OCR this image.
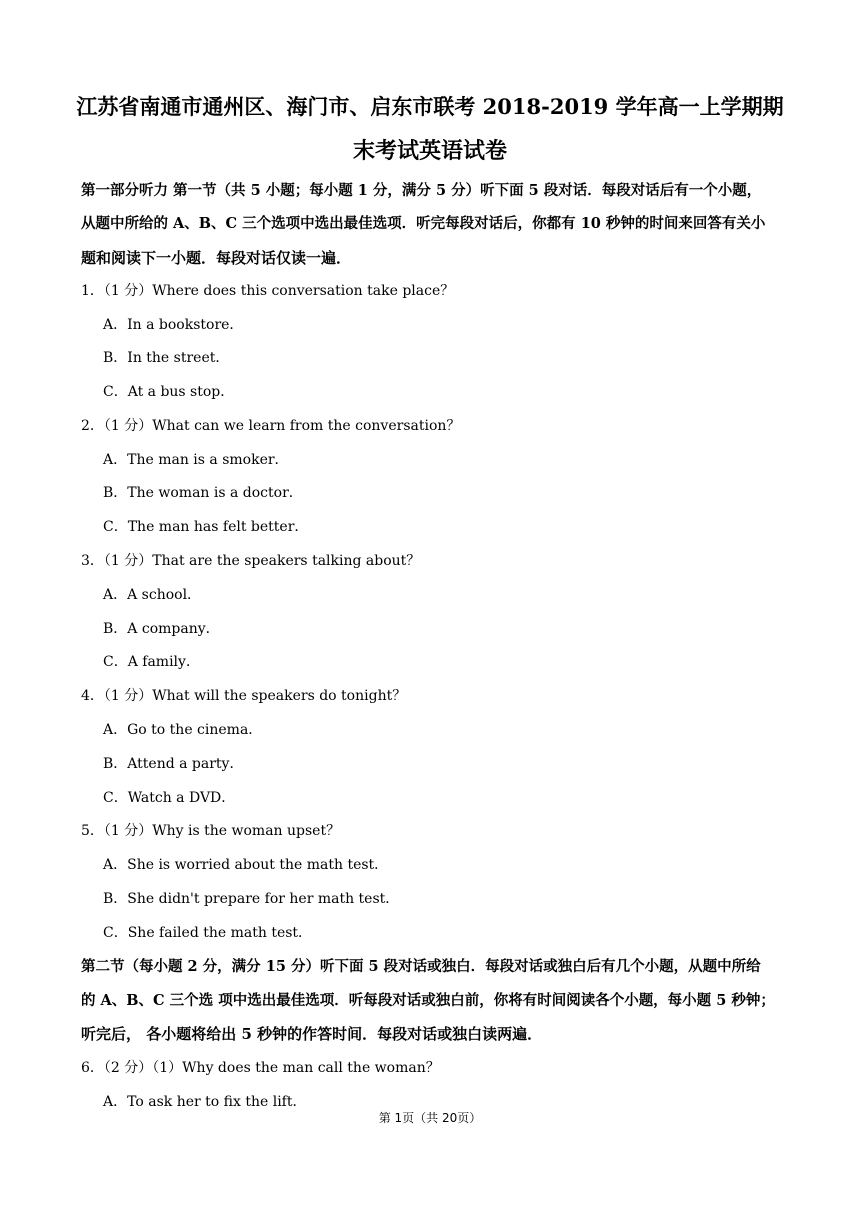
江苏省南通市通州区、海门市、启东市联考 2018-2019 学年高一上学期期
末考试英语试卷
第一部分听力 第一节（共 5 小题；每小题 1 分，满分 5 分）听下面 5 段对话．每段对话后有一个小题，
从题中所给的 A、B、C 三个选项中选出最佳选项．听完每段对话后，你都有 10 秒钟的时间来回答有关小
题和阅读下一小题．每段对话仅读一遍．
1．（1 分）Where does this conversation take place？
A．In a bookstore．
B．In the street．
C．At a bus stop．
2．（1 分）What can we learn from the conversation？
A．The man is a smoker．
B．The woman is a doctor．
C．The man has felt better．
3．（1 分）That are the speakers talking about？
A．A school．
B．A company．
C．A family．
4．（1 分）What will the speakers do tonight？
A．Go to the cinema．
B．Attend a party．
C．Watch a DVD．
5．（1 分）Why is the woman upset？
A．She is worried about the math test．
B．She didn't prepare for her math test．
C．She failed the math test．
第二节（每小题 2 分，满分 15 分）听下面 5 段对话或独白．每段对话或独白后有几个小题，从题中所给
的 A、B、C 三个选 项中选出最佳选项．听每段对话或独白前，你将有时间阅读各个小题，每小题 5 秒钟；
听完后， 各小题将给出 5 秒钟的作答时间．每段对话或独白读两遍．
6．（2 分）（1）Why does the man call the woman？
A．To ask her to fix the lift．
第 1页（共 20页）
